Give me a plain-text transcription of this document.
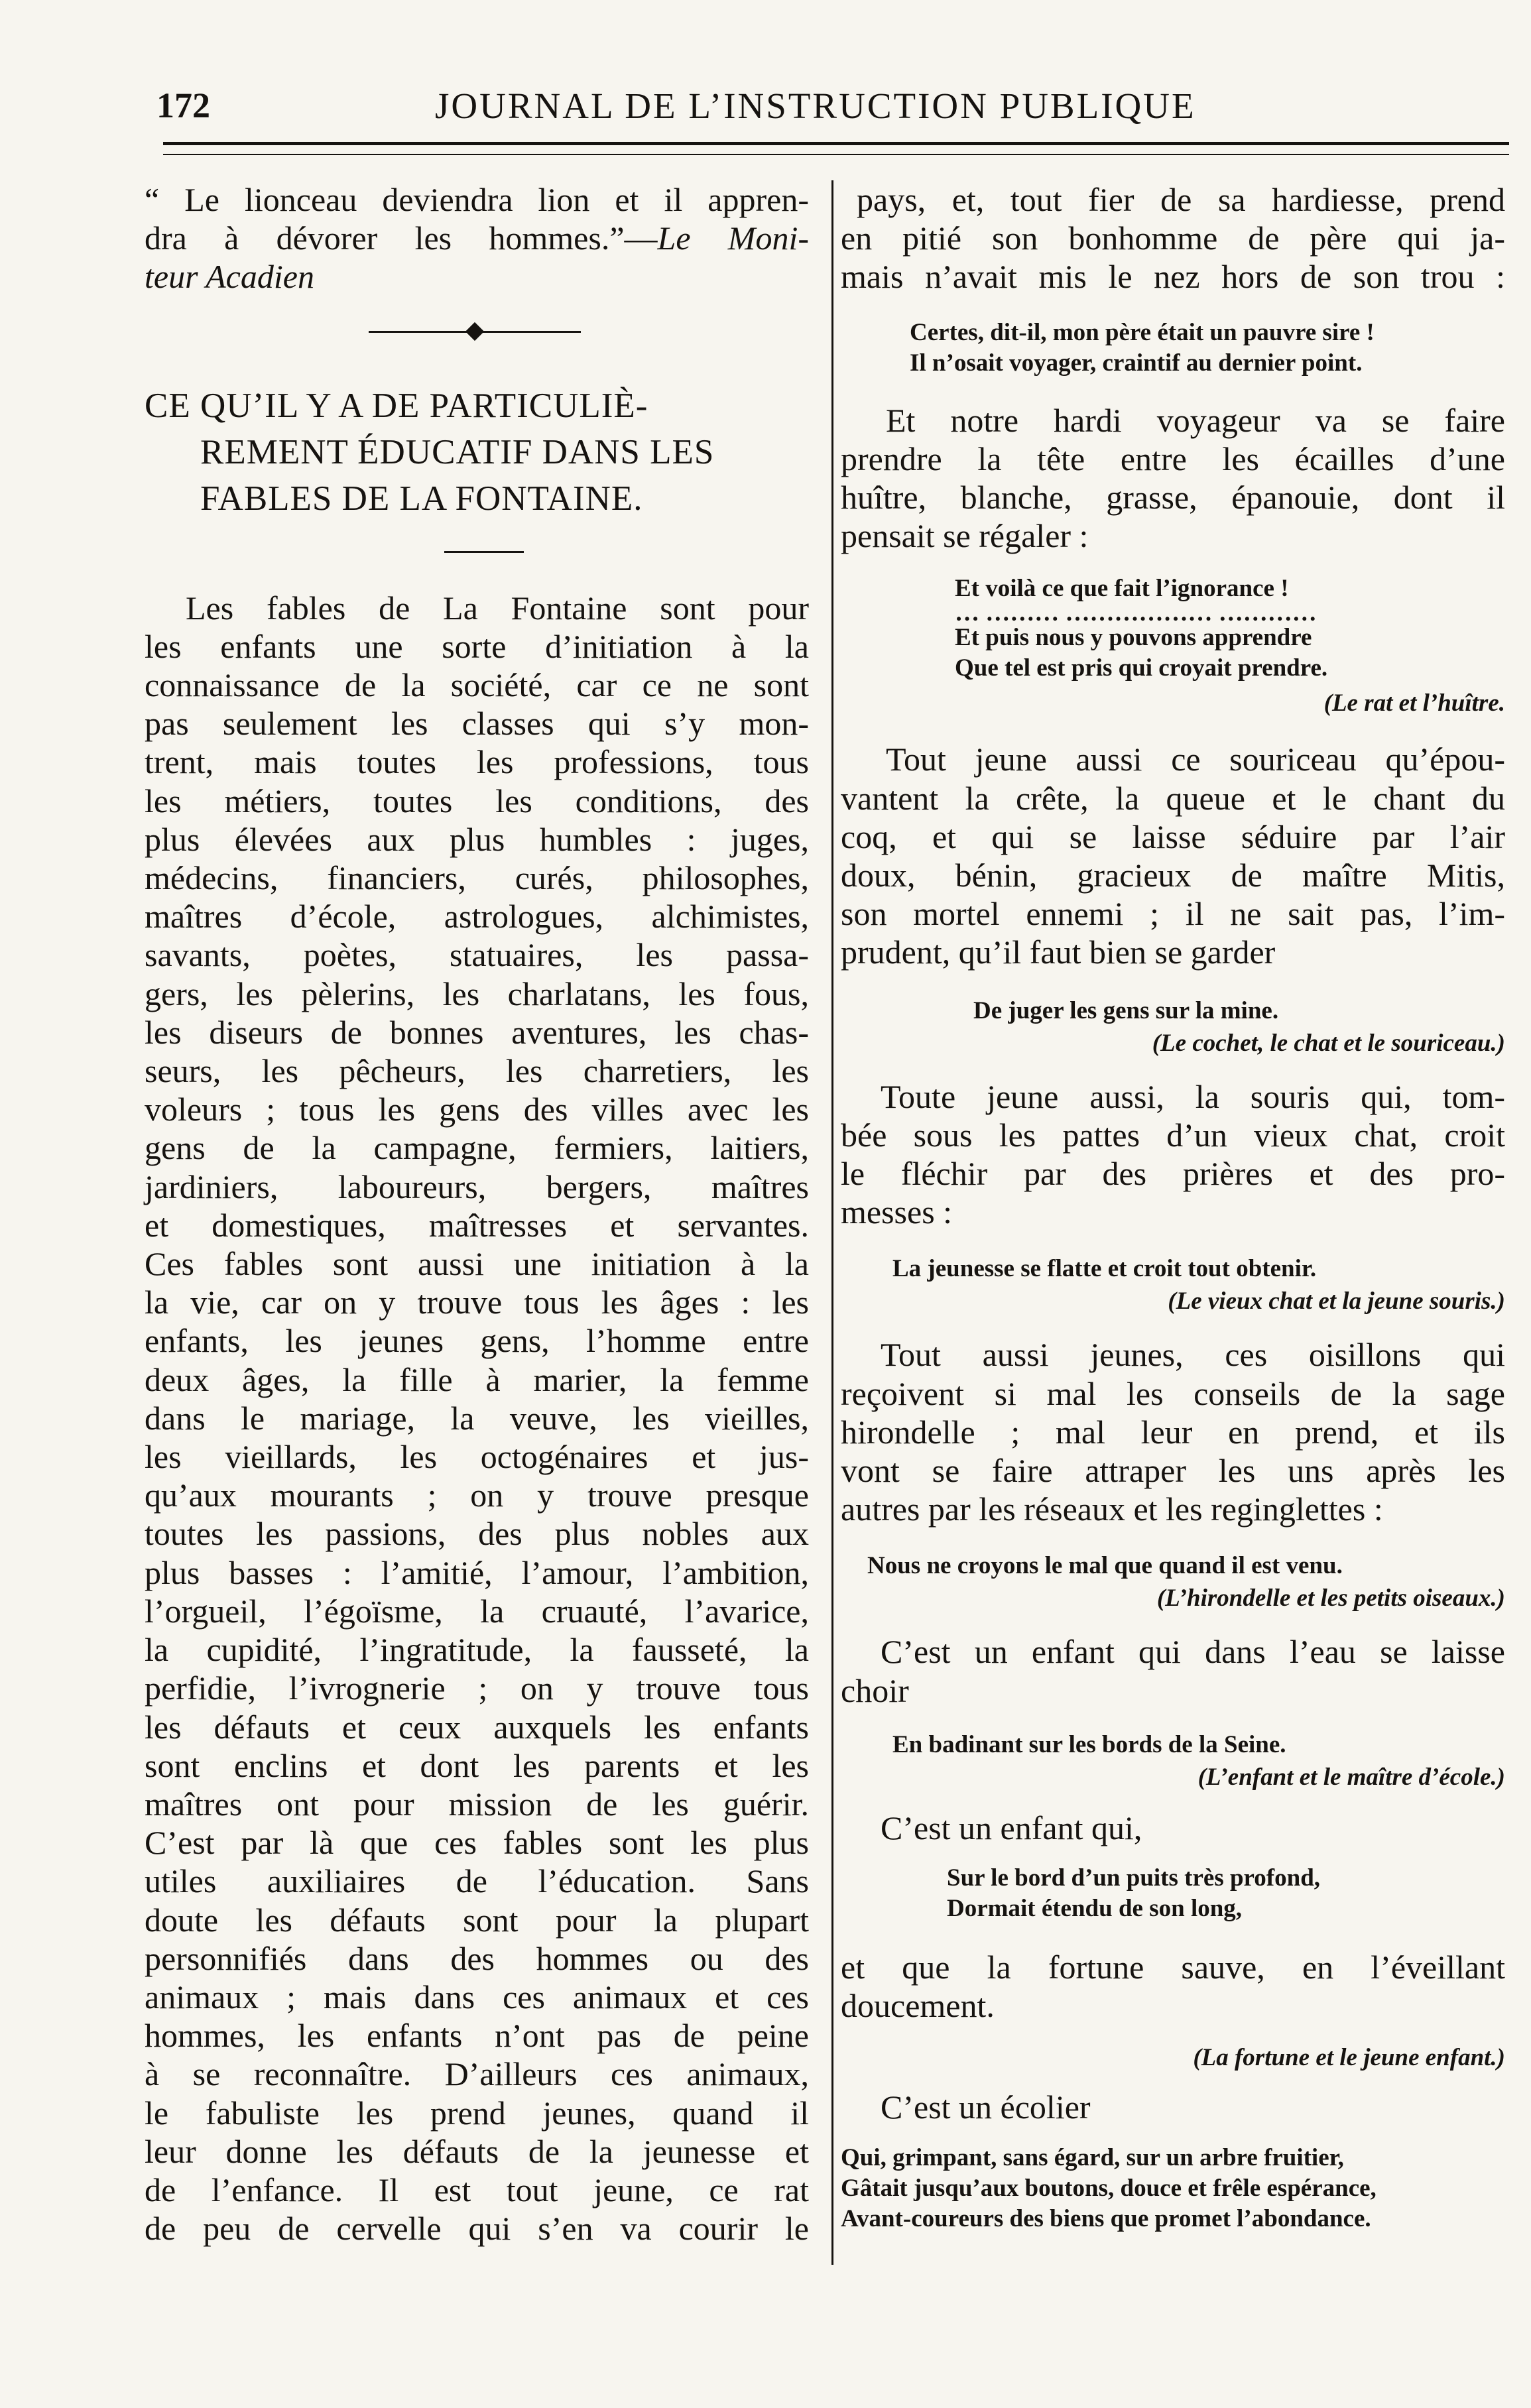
172	JOURNAL DE L’INSTRUCTION PUBLIQUE
“ Le lionceau deviendra lion et il appren-
dra à dévorer les hommes.”—Le Moni-
teur Acadien
CE QU’IL Y A DE PARTICULIÈ-
REMENT ÉDUCATIF DANS LES
FABLES DE LA FONTAINE.
Les fables de La Fontaine sont pour
les enfants une sorte d’initiation à la
connaissance de la société, car ce ne sont
pas seulement les classes qui s’y mon-
trent, mais toutes les professions, tous
les métiers, toutes les conditions, des
plus élevées aux plus humbles : juges,
médecins, financiers, curés, philosophes,
maîtres d’école, astrologues, alchimistes,
savants, poètes, statuaires, les passa-
gers, les pèlerins, les charlatans, les fous,
les diseurs de bonnes aventures, les chas-
seurs, les pêcheurs, les charretiers, les
voleurs ; tous les gens des villes avec les
gens de la campagne, fermiers, laitiers,
jardiniers, laboureurs, bergers, maîtres
et domestiques, maîtresses et servantes.
Ces fables sont aussi une initiation à la
la vie, car on y trouve tous les âges : les
enfants, les jeunes gens, l’homme entre
deux âges, la fille à marier, la femme
dans le mariage, la veuve, les vieilles,
les vieillards, les octogénaires et jus-
qu’aux mourants ; on y trouve presque
toutes les passions, des plus nobles aux
plus basses : l’amitié, l’amour, l’ambition,
l’orgueil, l’égoïsme, la cruauté, l’avarice,
la cupidité, l’ingratitude, la fausseté, la
perfidie, l’ivrognerie ; on y trouve tous
les défauts et ceux auxquels les enfants
sont enclins et dont les parents et les
maîtres ont pour mission de les guérir.
C’est par là que ces fables sont les plus
utiles auxiliaires de l’éducation. Sans
doute les défauts sont pour la plupart
personnifiés dans des hommes ou des
animaux ; mais dans ces animaux et ces
hommes, les enfants n’ont pas de peine
à se reconnaître. D’ailleurs ces animaux,
le fabuliste les prend jeunes, quand il
leur donne les défauts de la jeunesse et
de l’enfance. Il est tout jeune, ce rat
de peu de cervelle qui s’en va courir le
pays, et, tout fier de sa hardiesse, prend
en pitié son bonhomme de père qui ja-
mais n’avait mis le nez hors de son trou :
Certes, dit-il, mon père était un pauvre sire !
Il n’osait voyager, craintif au dernier point.
Et notre hardi voyageur va se faire
prendre la tête entre les écailles d’une
huître, blanche, grasse, épanouie, dont il
pensait se régaler :
Et voilà ce que fait l’ignorance !
… ……… ……………… …………
Et puis nous y pouvons apprendre
Que tel est pris qui croyait prendre.

(Le rat et l’huître.

Tout jeune aussi ce souriceau qu’épou-
vantent la crête, la queue et le chant du
coq, et qui se laisse séduire par l’air
doux, bénin, gracieux de maître Mitis,
son mortel ennemi ; il ne sait pas, l’im-
prudent, qu’il faut bien se garder
De juger les gens sur la mine.

(Le cochet, le chat et le souriceau.)

Toute jeune aussi, la souris qui, tom-
bée sous les pattes d’un vieux chat, croit
le fléchir par des prières et des pro-
messes :
La jeunesse se flatte et croit tout obtenir.

(Le vieux chat et la jeune souris.)

Tout aussi jeunes, ces oisillons qui
reçoivent si mal les conseils de la sage
hirondelle ; mal leur en prend, et ils
vont se faire attraper les uns après les
autres par les réseaux et les reginglettes :
Nous ne croyons le mal que quand il est venu.

(L’hirondelle et les petits oiseaux.)

C’est un enfant qui dans l’eau se laisse
choir
En badinant sur les bords de la Seine.

(L’enfant et le maître d’école.)

C’est un enfant qui,
Sur le bord d’un puits très profond,
Dormait étendu de son long,
et que la fortune sauve, en l’éveillant
doucement.

(La fortune et le jeune enfant.)

C’est un écolier
Qui, grimpant, sans égard, sur un arbre fruitier,
Gâtait jusqu’aux boutons, douce et frêle espérance,
Avant-coureurs des biens que promet l’abondance.
